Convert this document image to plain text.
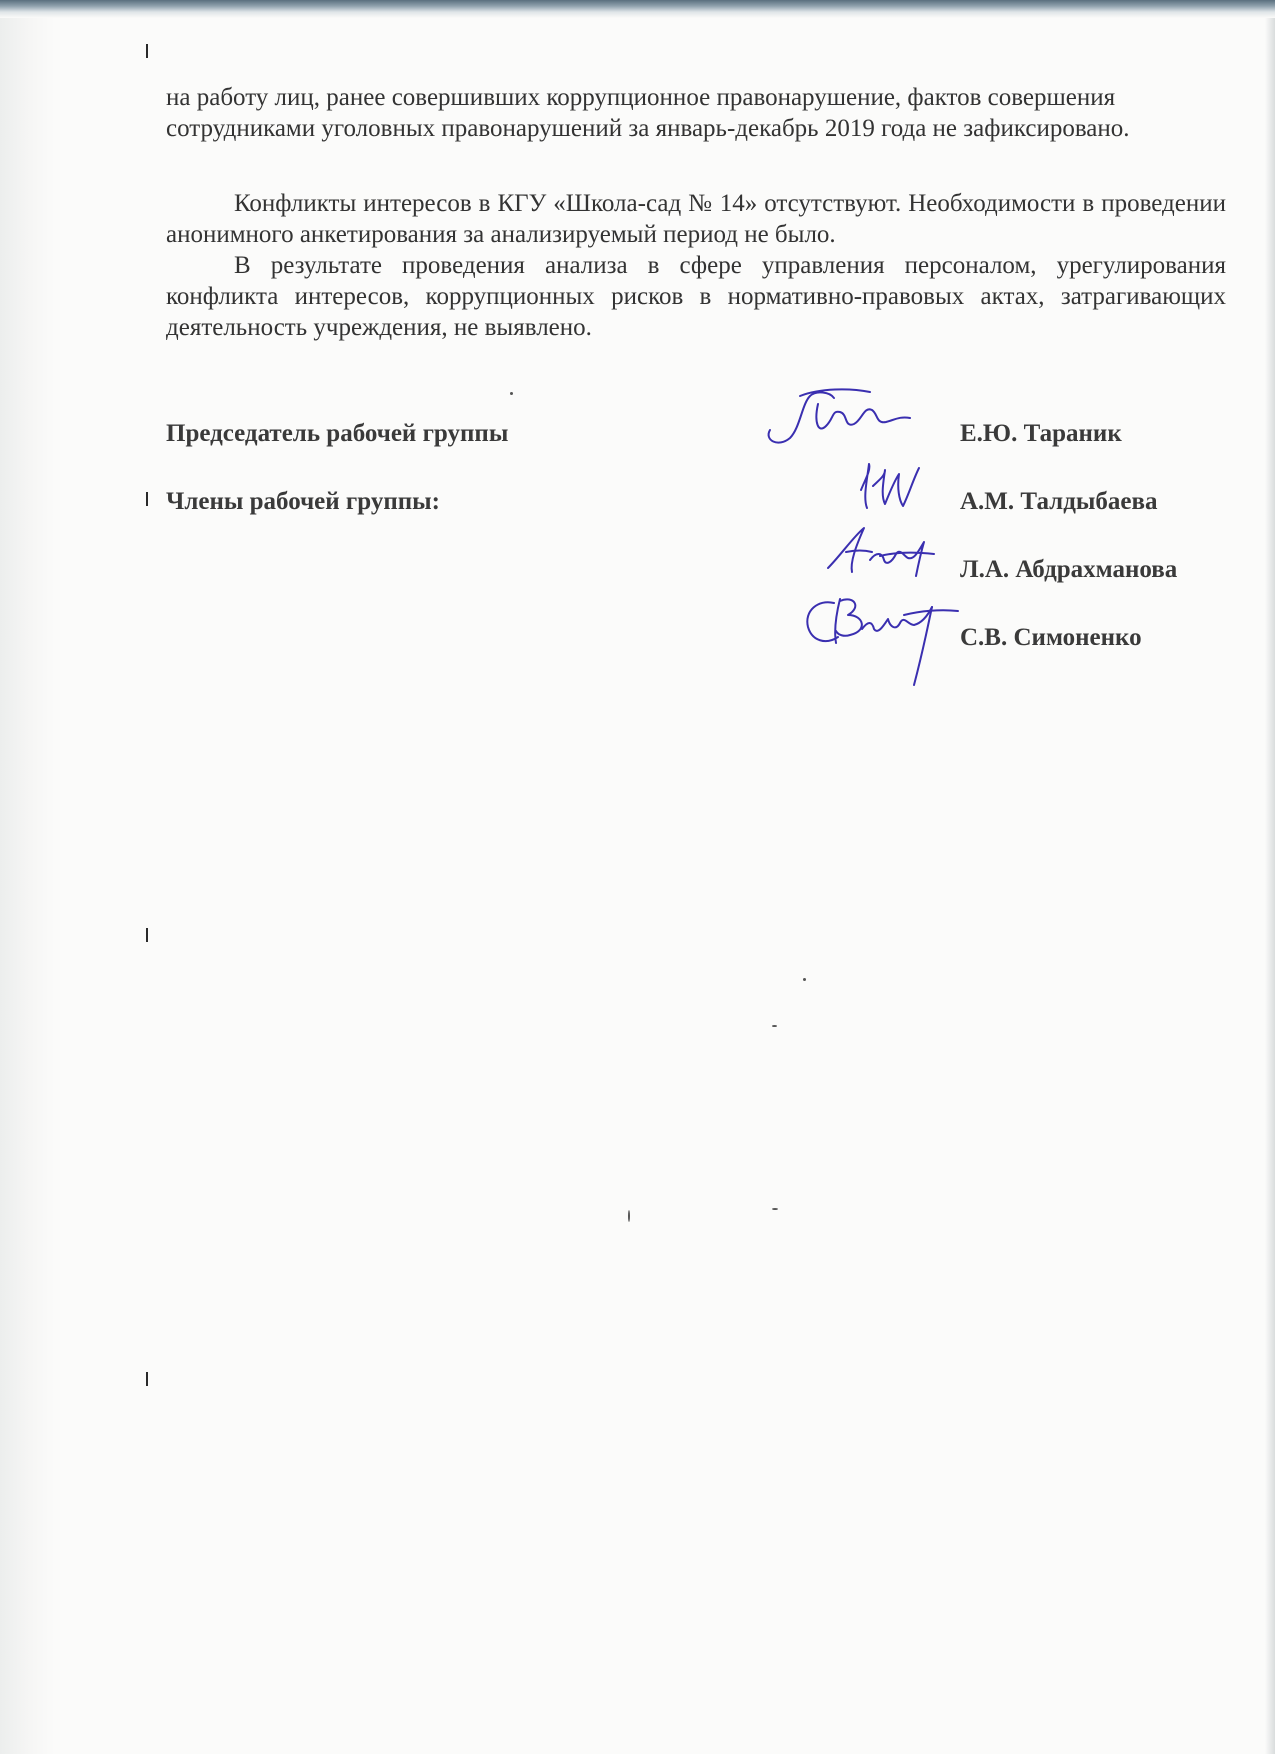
на работу лиц, ранее совершивших коррупционное правонарушение, фактов совершения сотрудниками уголовных правонарушений за январь-декабрь 2019 года не зафиксировано.
Конфликты интересов в КГУ «Школа-сад № 14» отсутствуют. Необходимости в проведении анонимного анкетирования за анализируемый период не было.
В результате проведения анализа в сфере управления персоналом, урегулирования конфликта интересов, коррупционных рисков в нормативно-правовых актах, затрагивающих деятельность учреждения, не выявлено.
Председатель рабочей группы
Члены рабочей группы:
Е.Ю. Тараник
А.М. Талдыбаева
Л.А. Абдрахманова
С.В. Симоненко
